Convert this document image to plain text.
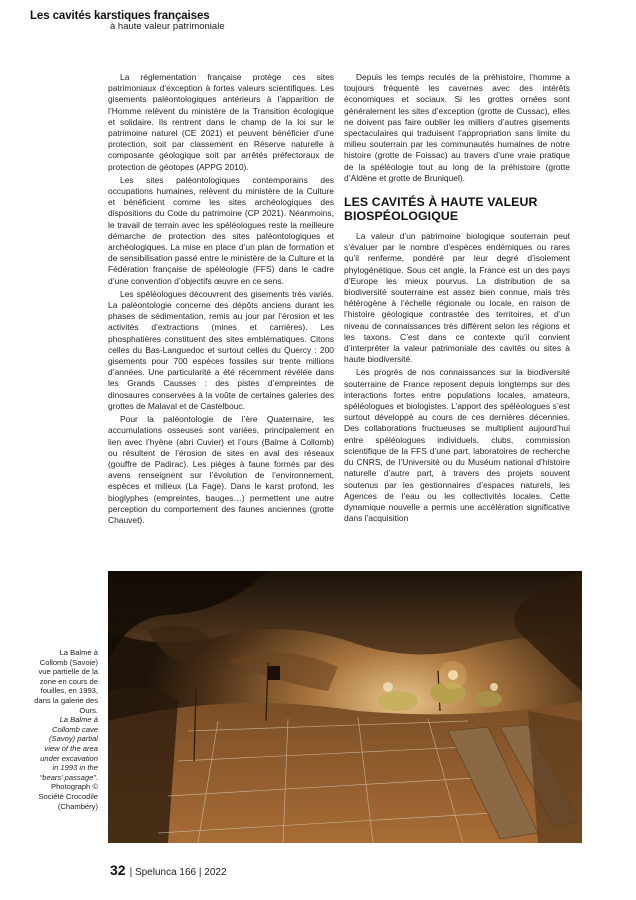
Les cavités karstiques françaises
à haute valeur patrimoniale

La réglementation française protège ces sites patrimoniaux d’exception à fortes valeurs scientifiques. Les gisements paléontologiques antérieurs à l’apparition de l’Homme relèvent du ministère de la Transition écologique et solidaire. Ils rentrent dans le champ de la loi sur le patrimoine naturel (CE 2021) et peuvent bénéficier d’une protection, soit par classement en Réserve naturelle à composante géologique soit par arrêtés préfectoraux de protection de géotopes (APPG 2010).

Les sites paléontologiques contemporains des occupations humaines, relèvent du ministère de la Culture et bénéficient comme les sites archéologiques des dispositions du Code du patrimoine (CP 2021). Néanmoins, le travail de terrain avec les spéléologues reste la meilleure démarche de protection des sites paléontologiques et archéologiques. La mise en place d’un plan de formation et de sensibilisation passé entre le ministère de la Culture et la Fédération française de spéléologie (FFS) dans le cadre d’une convention d’objectifs œuvre en ce sens.

Les spéléologues découvrent des gisements très variés. La paléontologie concerne des dépôts anciens durant les phases de sédimentation, remis au jour par l’érosion et les activités d’extractions (mines et carrières). Les phosphatières constituent des sites emblématiques. Citons celles du Bas-Languedoc et surtout celles du Quercy : 200 gisements pour 700 espèces fossiles sur trente millions d’années. Une particularité a été récemment révélée dans les Grands Causses : des pistes d’empreintes de dinosaures conservées à la voûte de certaines galeries des grottes de Malaval et de Castelbouc.

Pour la paléontologie de l’ère Quaternaire, les accumulations osseuses sont variées, principalement en lien avec l’hyène (abri Cuvier) et l’ours (Balme à Collomb) ou résultent de l’érosion de sites en aval des réseaux (gouffre de Padirac). Les pièges à faune formés par des avens renseignent sur l’évolution de l’environnement, espèces et milieux (La Fage). Dans le karst profond, les bioglyphes (empreintes, bauges…) permettent une autre perception du comportement des faunes anciennes (grotte Chauvet).

Depuis les temps reculés de la préhistoire, l’homme a toujours fréquenté les cavernes avec des intérêts économiques et sociaux. Si les grottes ornées sont généralement les sites d’exception (grotte de Cussac), elles ne doivent pas faire oublier les milliers d’autres gisements spectaculaires qui traduisent l’appropriation sans limite du milieu souterrain par les communautés humaines de notre histoire (grotte de Foissac) au travers d’une vraie pratique de la spéléologie tout au long de la préhistoire (grotte d’Aldène et grotte de Bruniquel).

LES CAVITÉS À HAUTE VALEUR BIOSPÉOLOGIQUE

La valeur d’un patrimoine biologique souterrain peut s’évaluer par le nombre d’espèces endémiques ou rares qu’il renferme, pondéré par leur degré d’isolement phylogénétique. Sous cet angle, la France est un des pays d’Europe les mieux pourvus. La distribution de sa biodiversité souterraine est assez bien connue, mais très hétérogène à l’échelle régionale ou locale, en raison de l’histoire géologique contrastée des territoires, et d’un niveau de connaissances très différent selon les régions et les taxons. C’est dans ce contexte qu’il convient d’interpréter la valeur patrimoniale des cavités ou sites à haute biodiversité.

Les progrès de nos connaissances sur la biodiversité souterraine de France reposent depuis longtemps sur des interactions fortes entre populations locales, amateurs, spéléologues et biologistes. L’apport des spéléologues s’est surtout développé au cours de ces dernières décennies. Des collaborations fructueuses se multiplient aujourd’hui entre spéléologues individuels, clubs, commission scientifique de la FFS d’une part, laboratoires de recherche du CNRS, de l’Université ou du Muséum national d’histoire naturelle d’autre part, à travers des projets souvent soutenus par les gestionnaires d’espaces naturels, les Agences de l’eau ou les collectivités locales. Cette dynamique nouvelle a permis une accélération significative dans l’acquisition

La Balme à Collomb (Savoie) vue partielle de la zone en cours de fouilles, en 1993, dans la galerie des Ours.
La Balme à Collomb cave (Savoy) partial view of the area under excavation in 1993 in the “bears’ passage”.
Photograph © Société Crocodile (Chambéry)
32 | Spelunca 166 | 2022
